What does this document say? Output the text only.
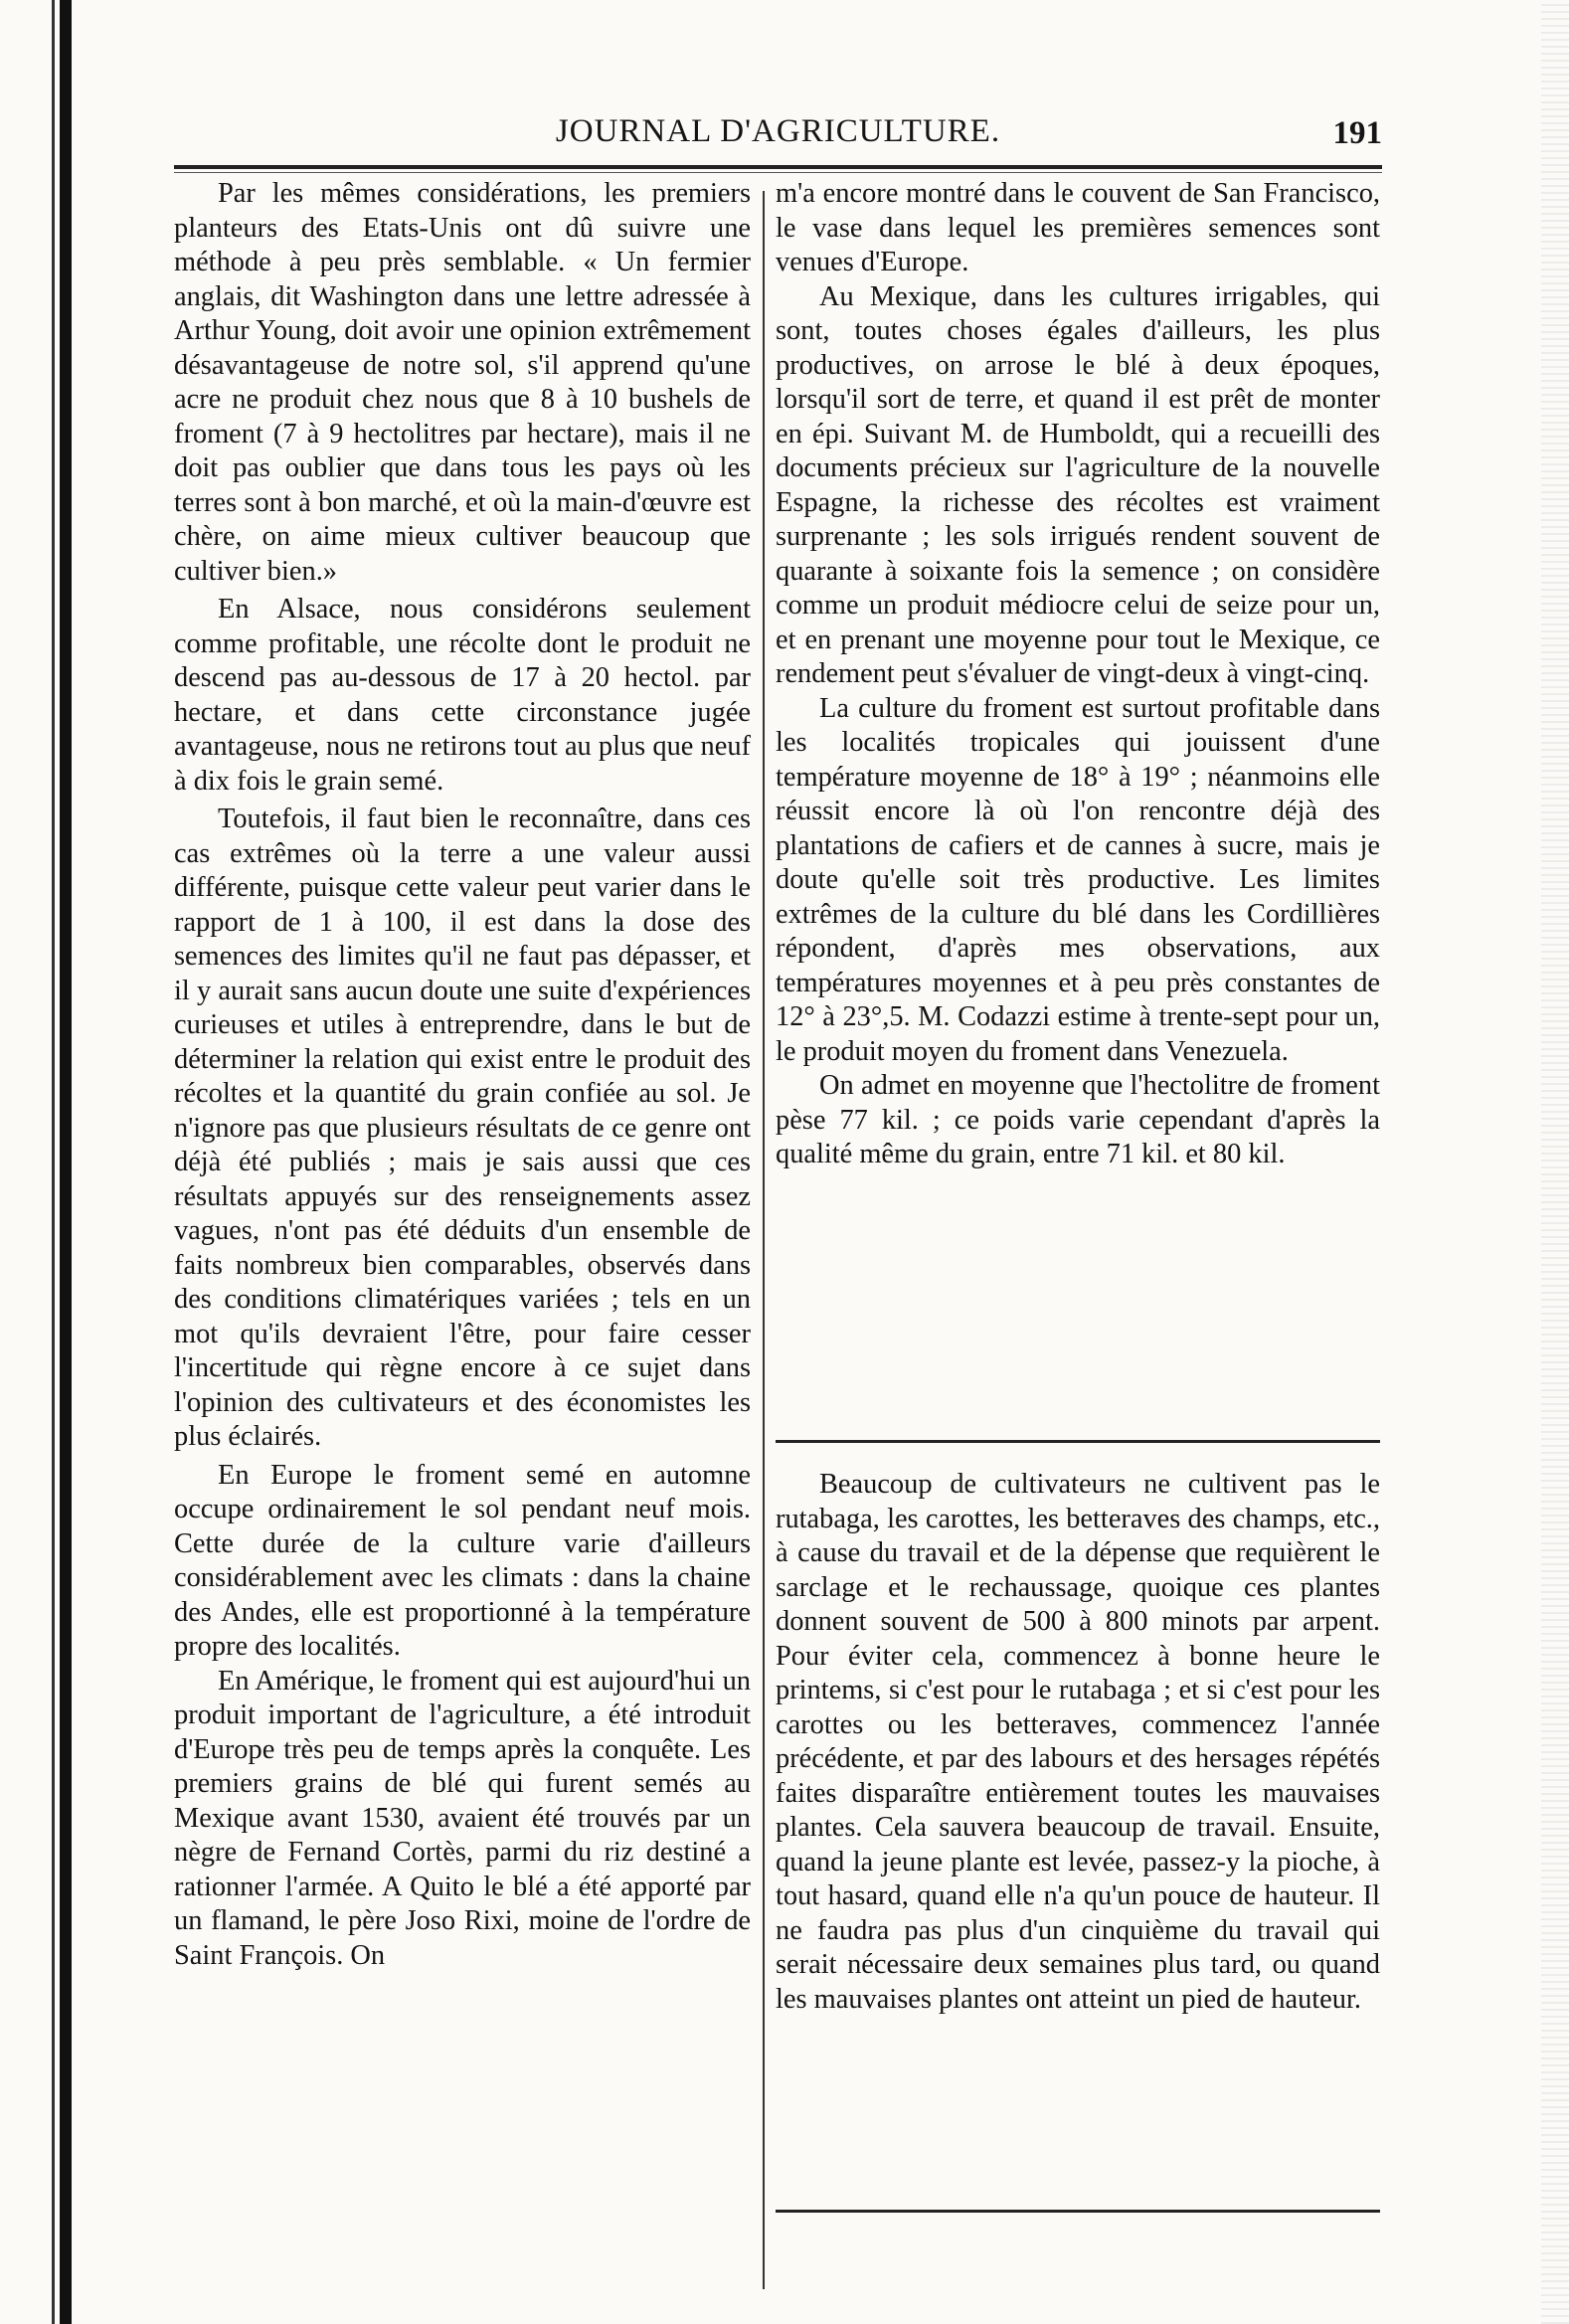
JOURNAL D'AGRICULTURE.	191

Par les mêmes considérations, les premiers planteurs des Etats-Unis ont dû suivre une méthode à peu près semblable. « Un fermier anglais, dit Washington dans une lettre adressée à Arthur Young, doit avoir une opinion extrêmement désavantageuse de notre sol, s'il apprend qu'une acre ne produit chez nous que 8 à 10 bushels de froment (7 à 9 hectolitres par hectare), mais il ne doit pas oublier que dans tous les pays où les terres sont à bon marché, et où la main-d'œuvre est chère, on aime mieux cultiver beaucoup que cultiver bien.»

En Alsace, nous considérons seulement comme profitable, une récolte dont le produit ne descend pas au-dessous de 17 à 20 hectol. par hectare, et dans cette circonstance jugée avantageuse, nous ne retirons tout au plus que neuf à dix fois le grain semé.

Toutefois, il faut bien le reconnaître, dans ces cas extrêmes où la terre a une valeur aussi différente, puisque cette valeur peut varier dans le rapport de 1 à 100, il est dans la dose des semences des limites qu'il ne faut pas dépasser, et il y aurait sans aucun doute une suite d'expériences curieuses et utiles à entreprendre, dans le but de déterminer la relation qui exist entre le produit des récoltes et la quantité du grain confiée au sol. Je n'ignore pas que plusieurs résultats de ce genre ont déjà été publiés ; mais je sais aussi que ces résultats appuyés sur des renseignements assez vagues, n'ont pas été déduits d'un ensemble de faits nombreux bien comparables, observés dans des conditions climatériques variées ; tels en un mot qu'ils devraient l'être, pour faire cesser l'incertitude qui règne encore à ce sujet dans l'opinion des cultivateurs et des économistes les plus éclairés.

En Europe le froment semé en automne occupe ordinairement le sol pendant neuf mois. Cette durée de la culture varie d'ailleurs considérablement avec les climats : dans la chaine des Andes, elle est proportionné à la température propre des localités.

En Amérique, le froment qui est aujourd'hui un produit important de l'agriculture, a été introduit d'Europe très peu de temps après la conquête. Les premiers grains de blé qui furent semés au Mexique avant 1530, avaient été trouvés par un nègre de Fernand Cortès, parmi du riz destiné a rationner l'armée. A Quito le blé a été apporté par un flamand, le père Joso Rixi, moine de l'ordre de Saint François. On

m'a encore montré dans le couvent de San Francisco, le vase dans lequel les premières semences sont venues d'Europe.

Au Mexique, dans les cultures irrigables, qui sont, toutes choses égales d'ailleurs, les plus productives, on arrose le blé à deux époques, lorsqu'il sort de terre, et quand il est prêt de monter en épi. Suivant M. de Humboldt, qui a recueilli des documents précieux sur l'agriculture de la nouvelle Espagne, la richesse des récoltes est vraiment surprenante ; les sols irrigués rendent souvent de quarante à soixante fois la semence ; on considère comme un produit médiocre celui de seize pour un, et en prenant une moyenne pour tout le Mexique, ce rendement peut s'évaluer de vingt-deux à vingt-cinq.

La culture du froment est surtout profitable dans les localités tropicales qui jouissent d'une température moyenne de 18° à 19° ; néanmoins elle réussit encore là où l'on rencontre déjà des plantations de cafiers et de cannes à sucre, mais je doute qu'elle soit très productive. Les limites extrêmes de la culture du blé dans les Cordillières répondent, d'après mes observations, aux températures moyennes et à peu près constantes de 12° à 23°,5. M. Codazzi estime à trente-sept pour un, le produit moyen du froment dans Venezuela.

On admet en moyenne que l'hectolitre de froment pèse 77 kil. ; ce poids varie cependant d'après la qualité même du grain, entre 71 kil. et 80 kil.

Beaucoup de cultivateurs ne cultivent pas le rutabaga, les carottes, les betteraves des champs, etc., à cause du travail et de la dépense que requièrent le sarclage et le rechaussage, quoique ces plantes donnent souvent de 500 à 800 minots par arpent. Pour éviter cela, commencez à bonne heure le printems, si c'est pour le rutabaga ; et si c'est pour les carottes ou les betteraves, commencez l'année précédente, et par des labours et des hersages répétés faites disparaître entièrement toutes les mauvaises plantes. Cela sauvera beaucoup de travail. Ensuite, quand la jeune plante est levée, passez-y la pioche, à tout hasard, quand elle n'a qu'un pouce de hauteur. Il ne faudra pas plus d'un cinquième du travail qui serait nécessaire deux semaines plus tard, ou quand les mauvaises plantes ont atteint un pied de hauteur.
